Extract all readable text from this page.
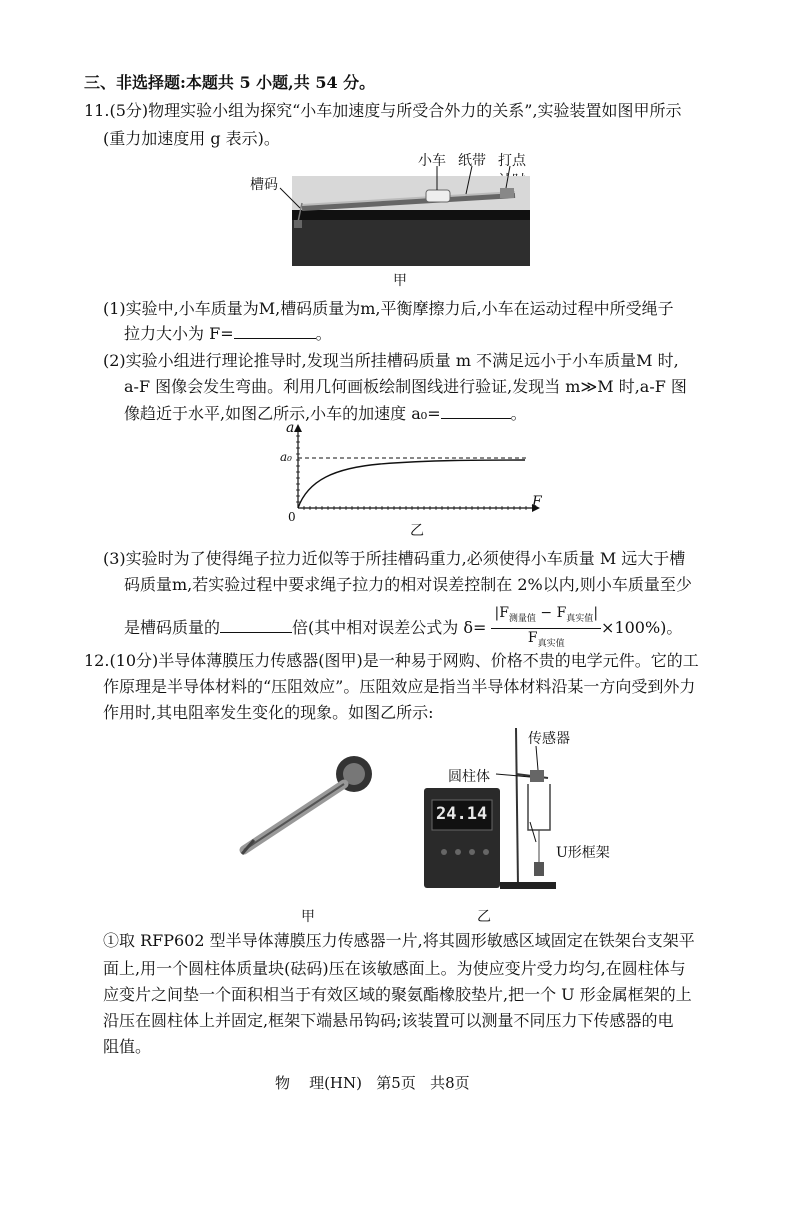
三、非选择题:本题共 5 小题,共 54 分。
11.(5分)物理实验小组为探究“小车加速度与所受合外力的关系”,实验装置如图甲所示
(重力加速度用 g 表示)。
小车 纸带 打点
槽码
甲
(1)实验中,小车质量为M,槽码质量为m,平衡摩擦力后,小车在运动过程中所受绳子
拉力大小为 F=	。
(2)实验小组进行理论推导时,发现当所挂槽码质量 m 不满足远小于小车质量M 时,
a-F 图像会发生弯曲。利用几何画板绘制图线进行验证,发现当 m≫M 时,a-F 图
像趋近于水平,如图乙所示,小车的加速度 a₀=	。
a
a₀
F
0
乙
(3)实验时为了使得绳子拉力近似等于所挂槽码重力,必须使得小车质量 M 远大于槽
码质量m,若实验过程中要求绳子拉力的相对误差控制在 2%以内,则小车质量至少
是槽码质量的	倍(其中相对误差公式为 $\delta= \frac{|F_{测量值} - F_{真实值}|}{F_{真实值}} \times 100\%$)。
12.(10分)半导体薄膜压力传感器(图甲)是一种易于网购、价格不贵的电学元件。它的工
作原理是半导体材料的“压阻效应”。压阻效应是指当半导体材料沿某一方向受到外力
作用时,其电阻率发生变化的现象。如图乙所示:
24.14
传感器
圆柱体
U形框架
甲	乙
①取 RFP602 型半导体薄膜压力传感器一片,将其圆形敏感区域固定在铁架台支架平
面上,用一个圆柱体质量块(砝码)压在该敏感面上。为使应变片受力均匀,在圆柱体与
应变片之间垫一个面积相当于有效区域的聚氨酯橡胶垫片,把一个 U 形金属框架的上
沿压在圆柱体上并固定,框架下端悬吊钩码;该装置可以测量不同压力下传感器的电
阻值。
物    理(HN)   第5页   共8页
